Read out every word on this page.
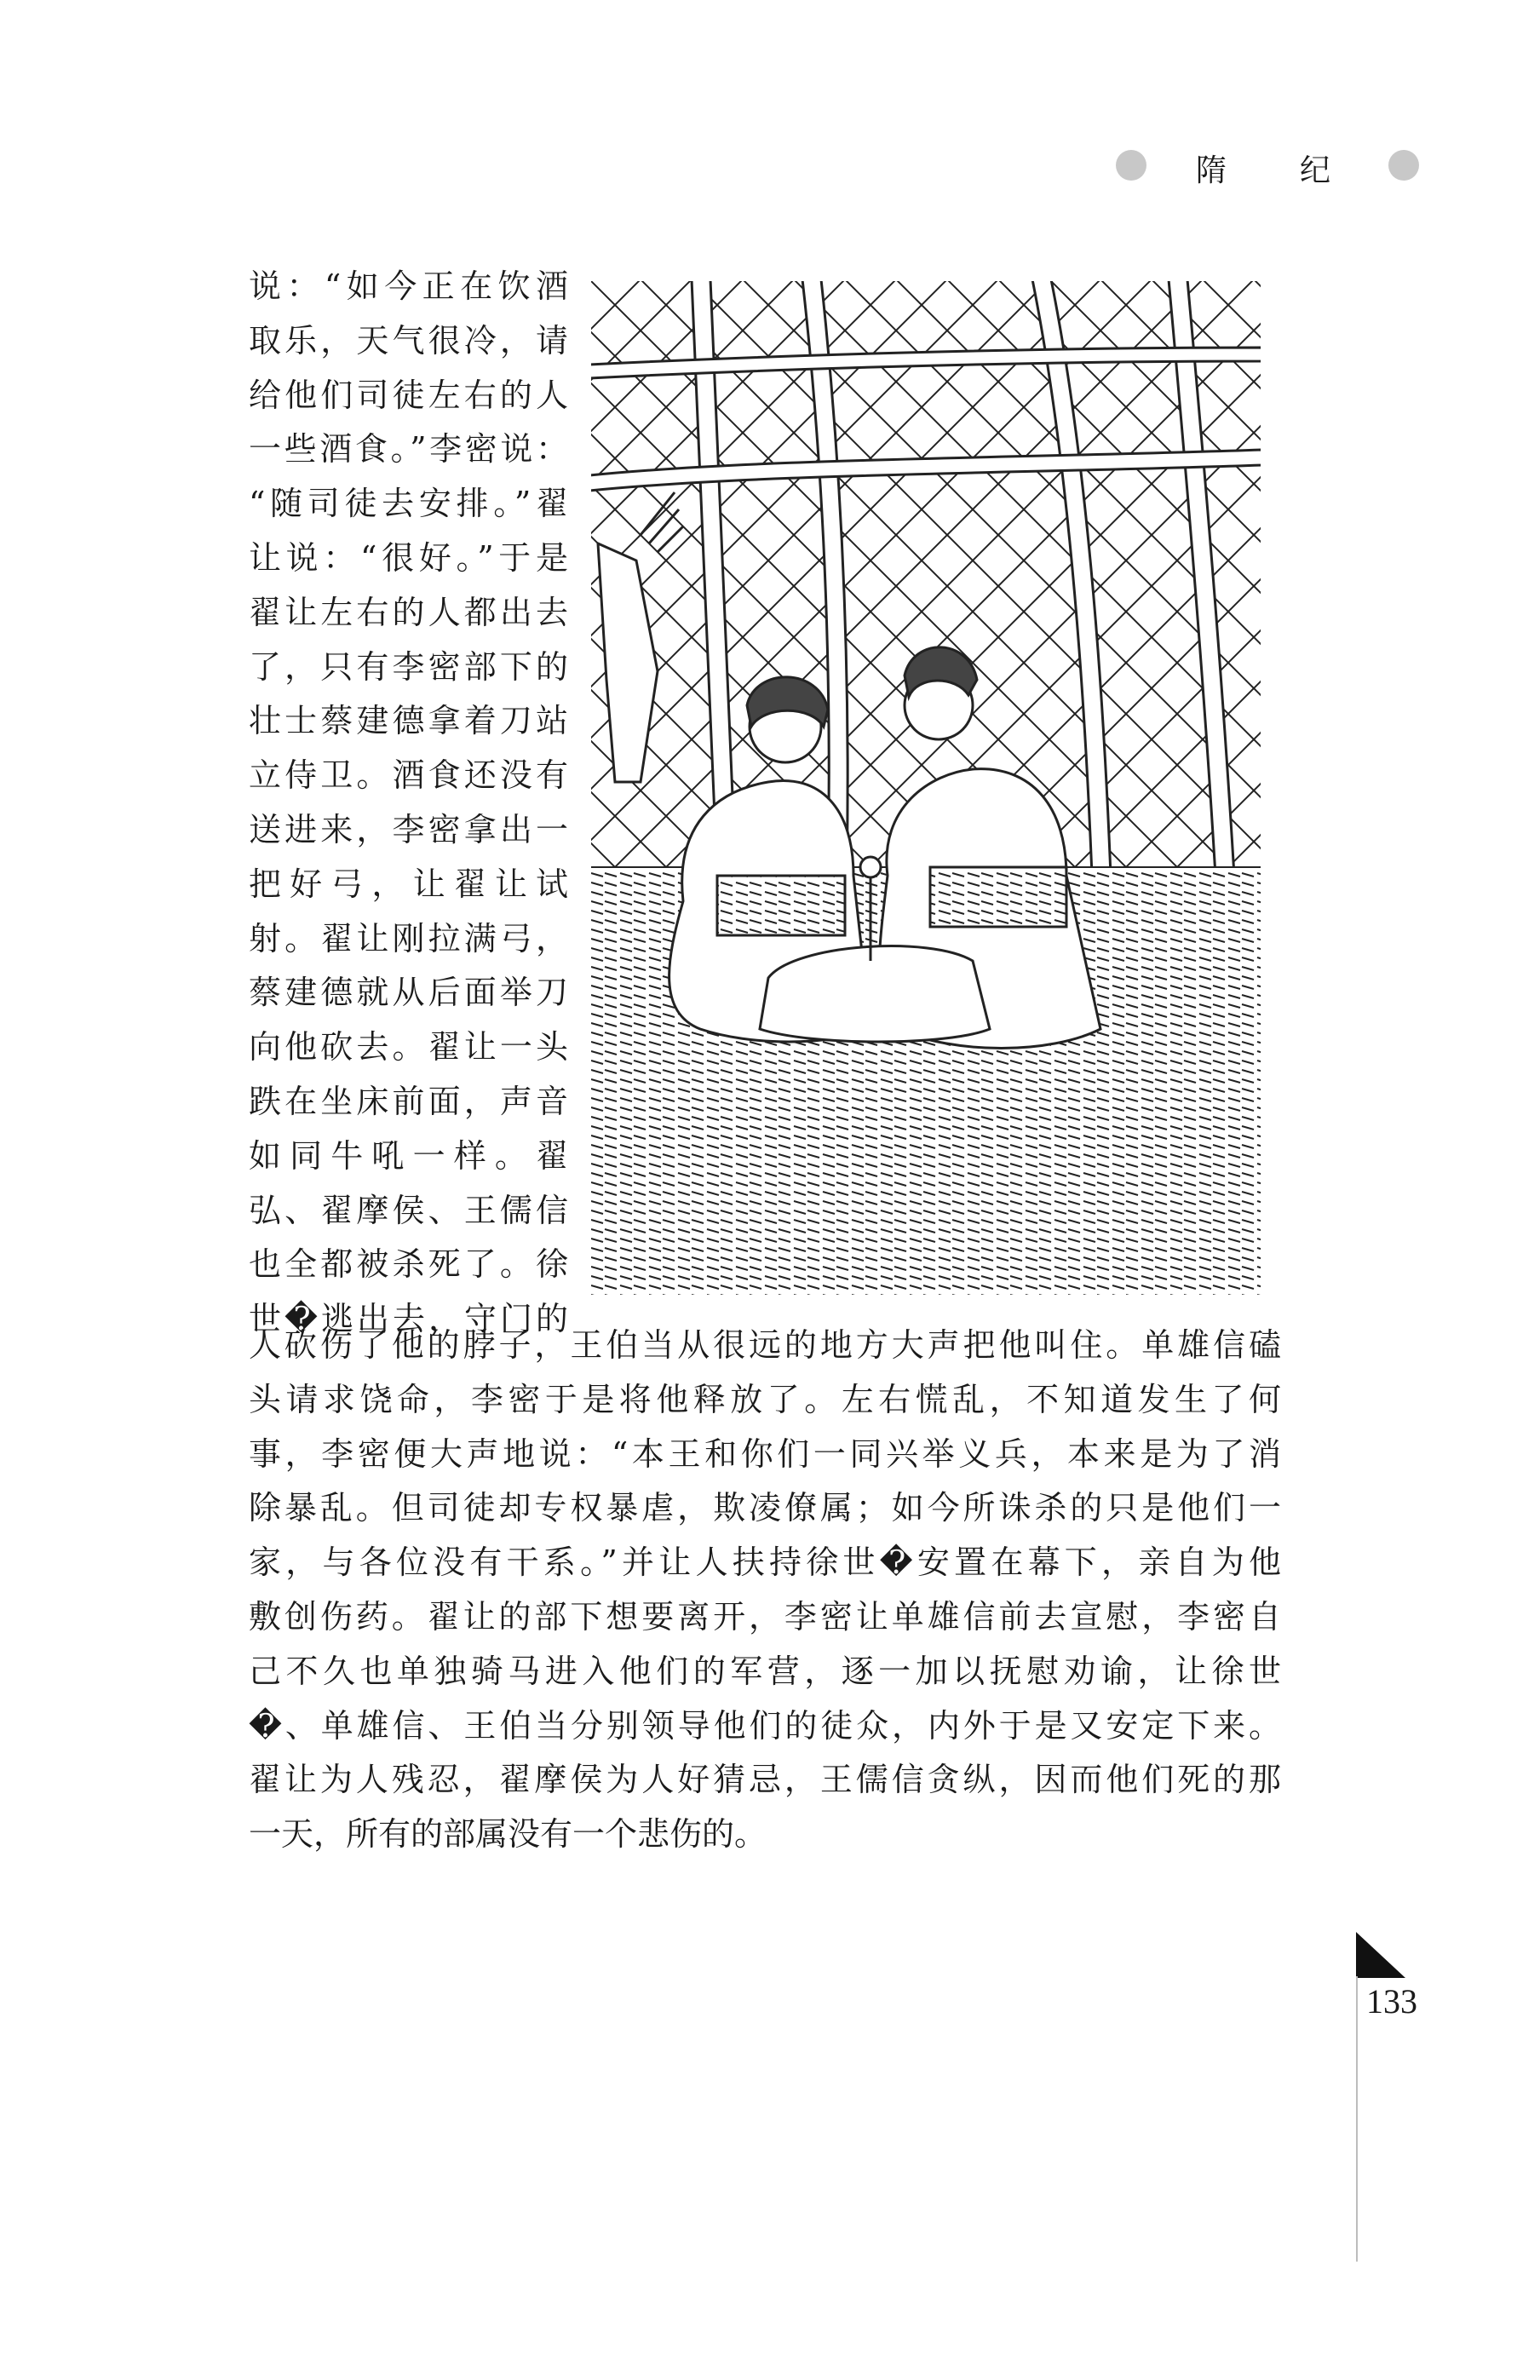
隋 纪
说：“如今正在饮酒
取乐，天气很冷，请
给他们司徒左右的人
一些酒食。”李密说：
“随司徒去安排。”翟
让说：“很好。”于是
翟让左右的人都出去
了，只有李密部下的
壮士蔡建德拿着刀站
立侍卫。酒食还没有
送进来，李密拿出一
把好弓，让翟让试
射。翟让刚拉满弓，
蔡建德就从后面举刀
向他砍去。翟让一头
跌在坐床前面，声音
如同牛吼一样。翟
弘、翟摩侯、王儒信
也全都被杀死了。徐
世�逃出去，守门的
人砍伤了他的脖子，王伯当从很远的地方大声把他叫住。单雄信磕
头请求饶命，李密于是将他释放了。左右慌乱，不知道发生了何
事，李密便大声地说：“本王和你们一同兴举义兵，本来是为了消
除暴乱。但司徒却专权暴虐，欺凌僚属；如今所诛杀的只是他们一
家，与各位没有干系。”并让人扶持徐世�安置在幕下，亲自为他
敷创伤药。翟让的部下想要离开，李密让单雄信前去宣慰，李密自
己不久也单独骑马进入他们的军营，逐一加以抚慰劝谕，让徐世
�、单雄信、王伯当分别领导他们的徒众，内外于是又安定下来。
翟让为人残忍，翟摩侯为人好猜忌，王儒信贪纵，因而他们死的那
一天，所有的部属没有一个悲伤的。
133
